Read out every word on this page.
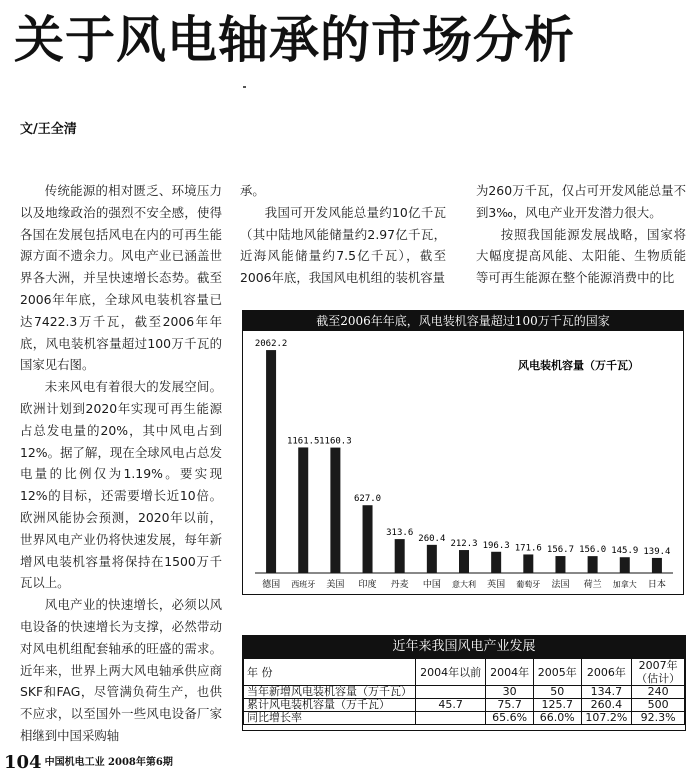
关于风电轴承的市场分析

文/王全清

传统能源的相对匮乏、环境压力以及地缘政治的强烈不安全感，使得各国在发展包括风电在内的可再生能源方面不遗余力。风电产业已涵盖世界各大洲，并呈快速增长态势。截至2006年年底，全球风电装机容量已达7422.3万千瓦，截至2006年年底，风电装机容量超过100万千瓦的国家见右图。

未来风电有着很大的发展空间。欧洲计划到2020年实现可再生能源占总发电量的20%，其中风电占到12%。据了解，现在全球风电占总发电量的比例仅为1.19%。要实现12%的目标，还需要增长近10倍。欧洲风能协会预测，2020年以前，世界风电产业仍将快速发展，每年新增风电装机容量将保持在1500万千瓦以上。

风电产业的快速增长，必须以风电设备的快速增长为支撑，必然带动对风电机组配套轴承的旺盛的需求。近年来，世界上两大风电轴承供应商SKF和FAG，尽管满负荷生产，也供不应求，以至国外一些风电设备厂家相继到中国采购轴

承。

我国可开发风能总量约10亿千瓦（其中陆地风能储量约2.97亿千瓦，近海风能储量约7.5亿千瓦），截至2006年底，我国风电机组的装机容量

为260万千瓦，仅占可开发风能总量不到3‰，风电产业开发潜力很大。

按照我国能源发展战略，国家将大幅度提高风能、太阳能、生物质能等可再生能源在整个能源消费中的比

风电装机容量（万千瓦）
2062.2
德国
1161.5
西班牙
1160.3
美国
627.0
印度
313.6
丹麦
260.4
中国
212.3
意大利
196.3
英国
171.6
葡萄牙
156.7
法国
156.0
荷兰
145.9
加拿大
139.4
日本
截至2006年年底，风电装机容量超过100万千瓦的国家
近年来我国风电产业发展
年 份	2004年以前	2004年	2005年	2006年	2007年
（估计）
当年新增风电装机容量（万千瓦）		30	50	134.7	240
累计风电装机容量（万千瓦）	45.7	75.7	125.7	260.4	500
同比增长率		65.6%	66.0%	107.2%	92.3%
104 中国机电工业 2008年第6期
